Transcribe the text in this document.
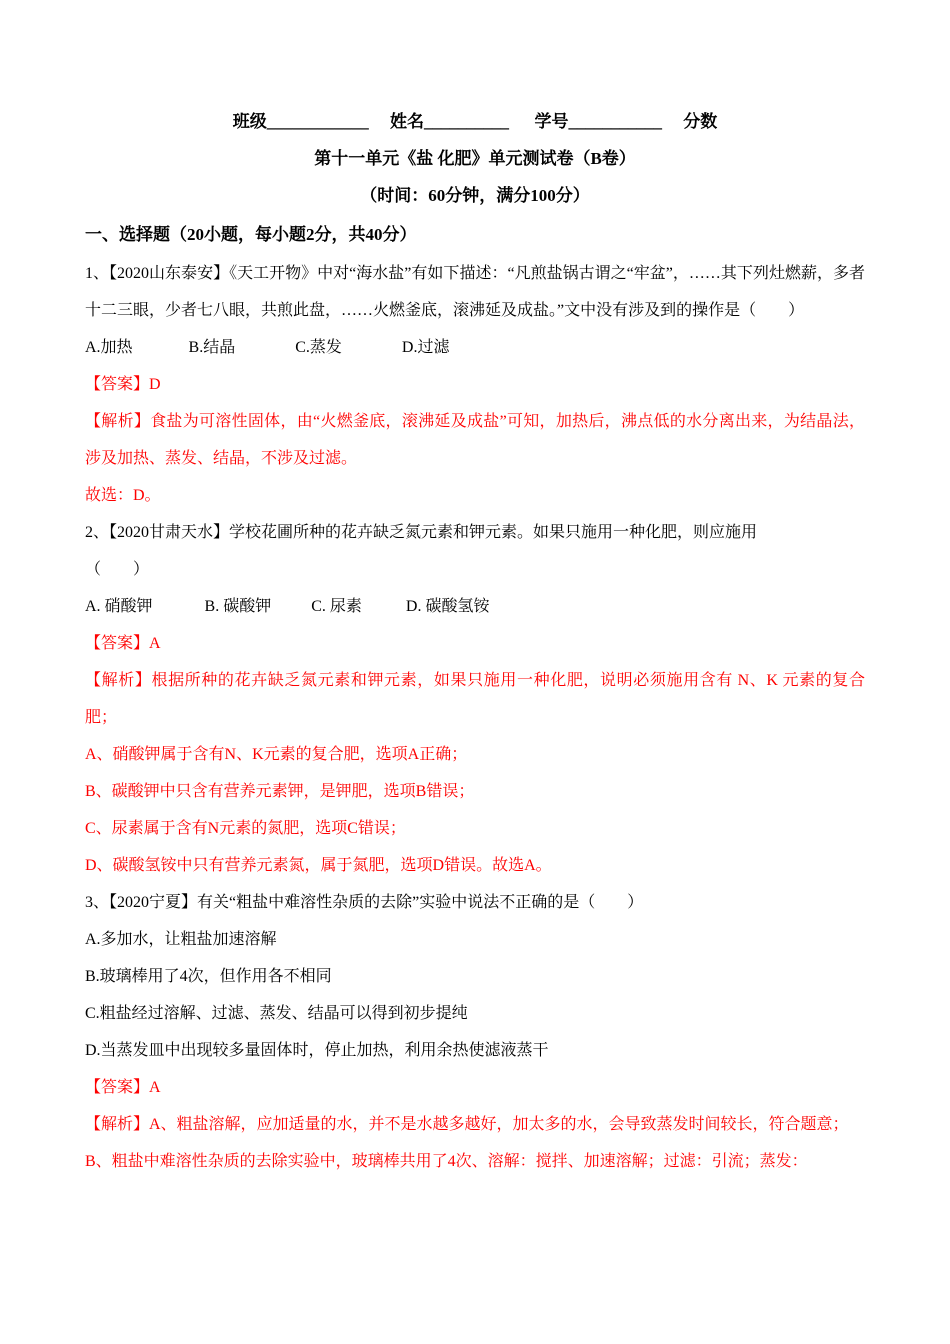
班级____________　 姓名__________　  学号___________　 分数
第十一单元《盐 化肥》单元测试卷（B卷）
（时间：60分钟，满分100分）
一、选择题（20小题，每小题2分，共40分）

1、【2020山东泰安】《天工开物》中对“海水盐”有如下描述：“凡煎盐锅古谓之“牢盆”，……其下列灶燃薪，多者十二三眼，少者七八眼，共煎此盘，……火燃釜底，滚沸延及成盐。”文中没有涉及到的操作是（　　）

A.加热　　　  B.结晶　　　   C.蒸发　　　   D.过滤

【答案】D

【解析】食盐为可溶性固体，由“火燃釜底，滚沸延及成盐”可知，加热后，沸点低的水分离出来，为结晶法，涉及加热、蒸发、结晶，不涉及过滤。

故选：D。

2、【2020甘肃天水】学校花圃所种的花卉缺乏氮元素和钾元素。如果只施用一种化肥，则应施用

（　　）

A. 硝酸钾　　 　B. 碳酸钾　　  C. 尿素　　   D. 碳酸氢铵

【答案】A

【解析】根据所种的花卉缺乏氮元素和钾元素，如果只施用一种化肥，说明必须施用含有 N、K 元素的复合肥；

A、硝酸钾属于含有N、K元素的复合肥，选项A正确；

B、碳酸钾中只含有营养元素钾，是钾肥，选项B错误；

C、尿素属于含有N元素的氮肥，选项C错误；

D、碳酸氢铵中只有营养元素氮，属于氮肥，选项D错误。故选A。

3、【2020宁夏】有关“粗盐中难溶性杂质的去除”实验中说法不正确的是（　　）

A.多加水，让粗盐加速溶解

B.玻璃棒用了4次，但作用各不相同

C.粗盐经过溶解、过滤、蒸发、结晶可以得到初步提纯

D.当蒸发皿中出现较多量固体时，停止加热，利用余热使滤液蒸干

【答案】A

【解析】A、粗盐溶解，应加适量的水，并不是水越多越好，加太多的水，会导致蒸发时间较长，符合题意；

B、粗盐中难溶性杂质的去除实验中，玻璃棒共用了4次、溶解：搅拌、加速溶解；过滤：引流；蒸发：
